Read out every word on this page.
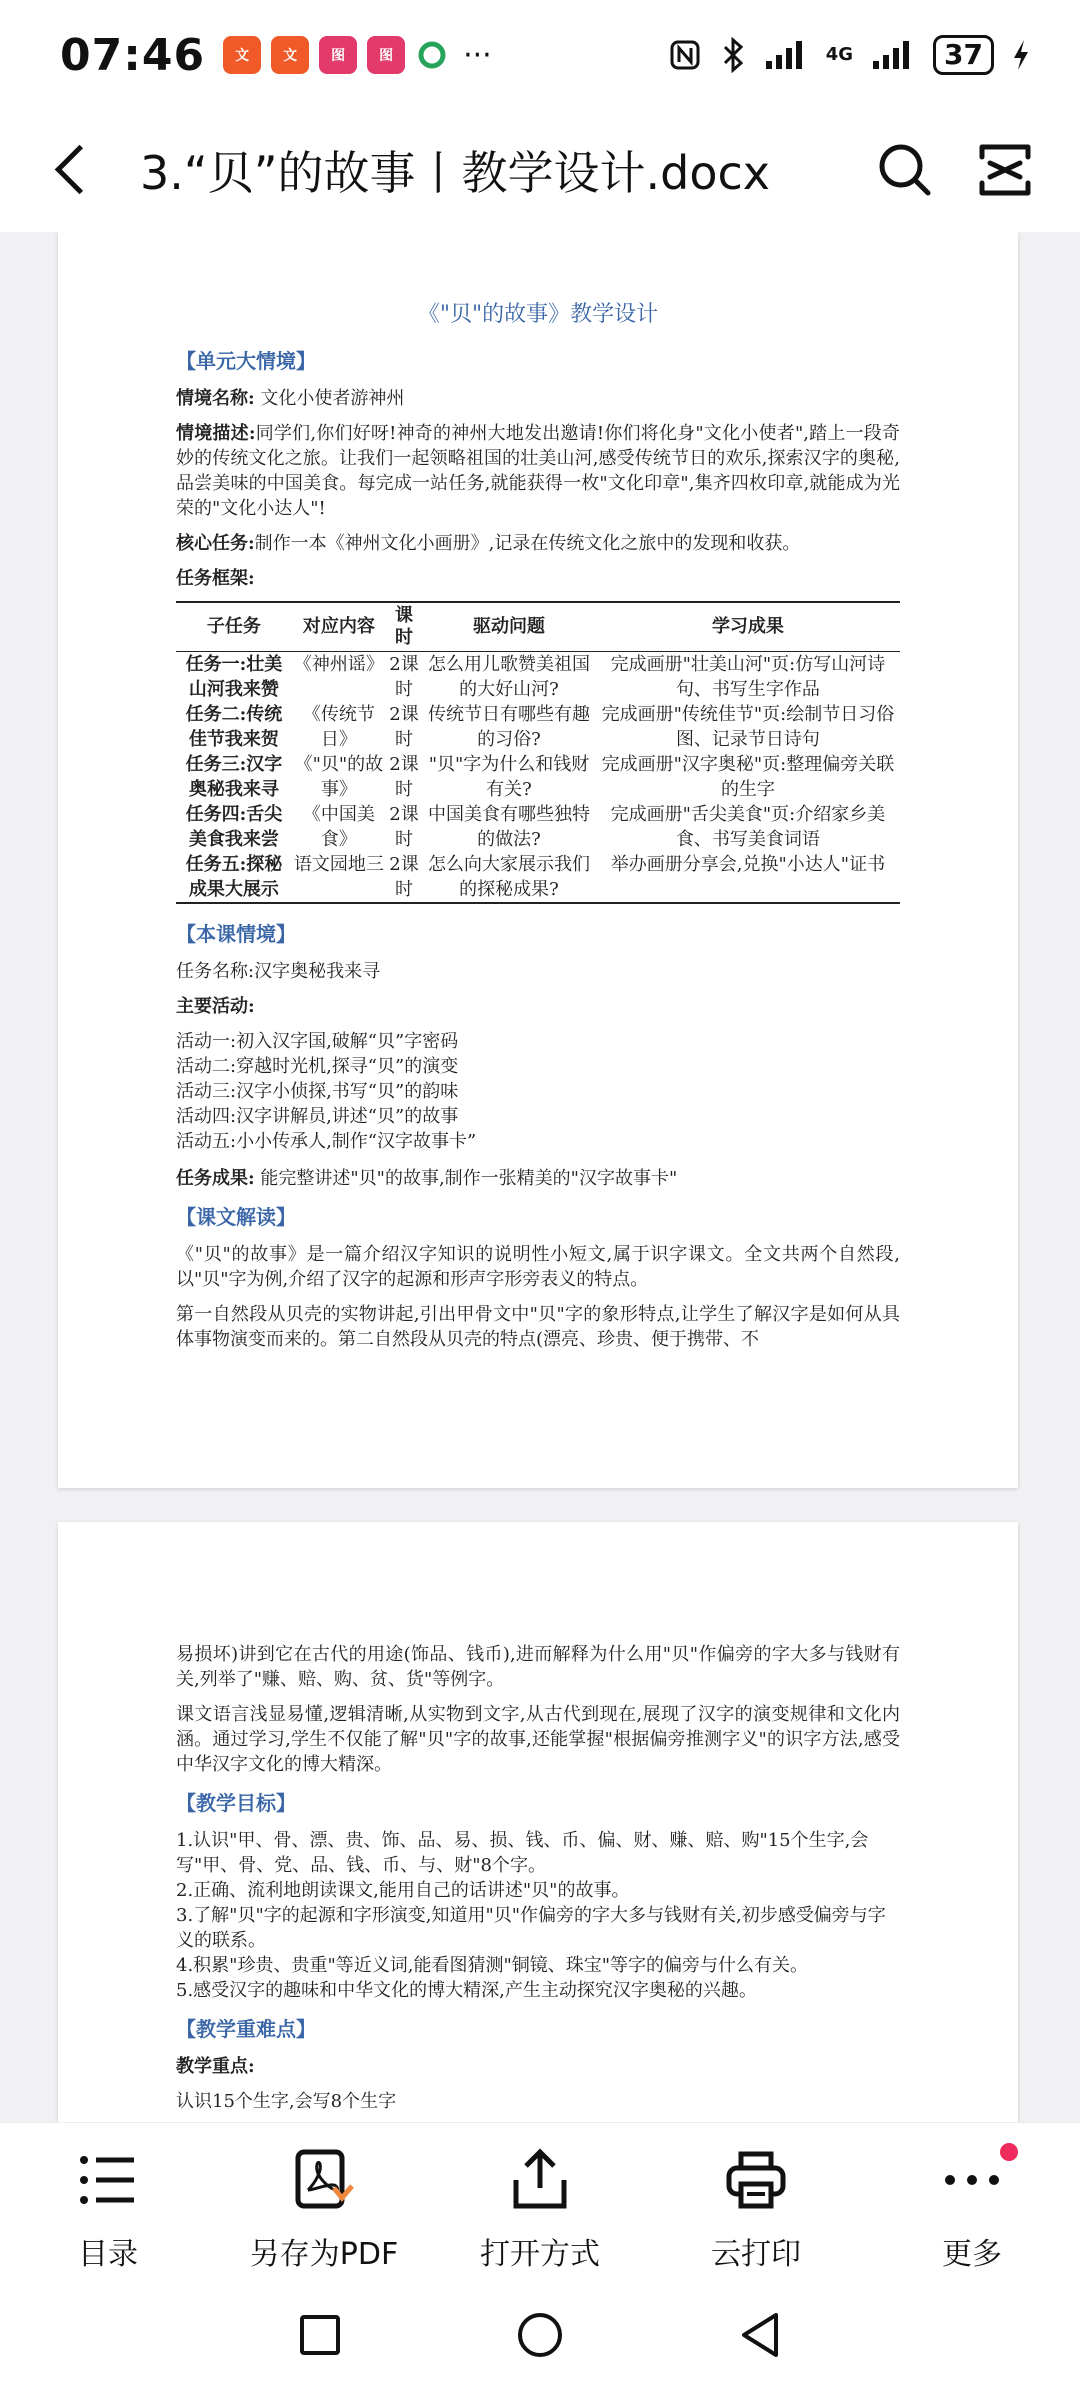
07:46	文	文	图	图	···	4G	37
3.“贝”的故事丨教学设计.docx
《"贝"的故事》教学设计
【单元大情境】

情境名称: 文化小使者游神州

情境描述:同学们,你们好呀!神奇的神州大地发出邀请!你们将化身"文化小使者",踏上一段奇妙的传统文化之旅。让我们一起领略祖国的壮美山河,感受传统节日的欢乐,探索汉字的奥秘,品尝美味的中国美食。每完成一站任务,就能获得一枚"文化印章",集齐四枚印章,就能成为光荣的"文化小达人"!

核心任务:制作一本《神州文化小画册》,记录在传统文化之旅中的发现和收获。

任务框架:

子任务	对应内容	课时	驱动问题	学习成果
任务一:壮美山河我来赞	《神州谣》	2课时	怎么用儿歌赞美祖国的大好山河?	完成画册"壮美山河"页:仿写山河诗句、书写生字作品
任务二:传统佳节我来贺	《传统节日》	2课时	传统节日有哪些有趣的习俗?	完成画册"传统佳节"页:绘制节日习俗图、记录节日诗句
任务三:汉字奥秘我来寻	《"贝"的故事》	2课时	"贝"字为什么和钱财有关?	完成画册"汉字奥秘"页:整理偏旁关联的生字
任务四:舌尖美食我来尝	《中国美食》	2课时	中国美食有哪些独特的做法?	完成画册"舌尖美食"页:介绍家乡美食、书写美食词语
任务五:探秘成果大展示	语文园地三	2课时	怎么向大家展示我们的探秘成果?	举办画册分享会,兑换"小达人"证书
【本课情境】

任务名称:汉字奥秘我来寻

主要活动:

活动一:初入汉字国,破解“贝”字密码

活动二:穿越时光机,探寻“贝”的演变

活动三:汉字小侦探,书写“贝”的韵味

活动四:汉字讲解员,讲述“贝”的故事

活动五:小小传承人,制作“汉字故事卡”

任务成果: 能完整讲述"贝"的故事,制作一张精美的"汉字故事卡"

【课文解读】

《"贝"的故事》是一篇介绍汉字知识的说明性小短文,属于识字课文。全文共两个自然段,以"贝"字为例,介绍了汉字的起源和形声字形旁表义的特点。

第一自然段从贝壳的实物讲起,引出甲骨文中"贝"字的象形特点,让学生了解汉字是如何从具体事物演变而来的。第二自然段从贝壳的特点(漂亮、珍贵、便于携带、不

易损坏)讲到它在古代的用途(饰品、钱币),进而解释为什么用"贝"作偏旁的字大多与钱财有关,列举了"赚、赔、购、贫、货"等例字。

课文语言浅显易懂,逻辑清晰,从实物到文字,从古代到现在,展现了汉字的演变规律和文化内涵。通过学习,学生不仅能了解"贝"字的故事,还能掌握"根据偏旁推测字义"的识字方法,感受中华汉字文化的博大精深。

【教学目标】

1.认识"甲、骨、漂、贵、饰、品、易、损、钱、币、偏、财、赚、赔、购"15个生字,会写"甲、骨、党、品、钱、币、与、财"8个字。

2.正确、流利地朗读课文,能用自己的话讲述"贝"的故事。

3.了解"贝"字的起源和字形演变,知道用"贝"作偏旁的字大多与钱财有关,初步感受偏旁与字义的联系。

4.积累"珍贵、贵重"等近义词,能看图猜测"铜镜、珠宝"等字的偏旁与什么有关。

5.感受汉字的趣味和中华文化的博大精深,产生主动探究汉字奥秘的兴趣。

【教学重难点】

教学重点:

认识15个生字,会写8个生字

目录	另存为PDF	打开方式	云打印	更多
